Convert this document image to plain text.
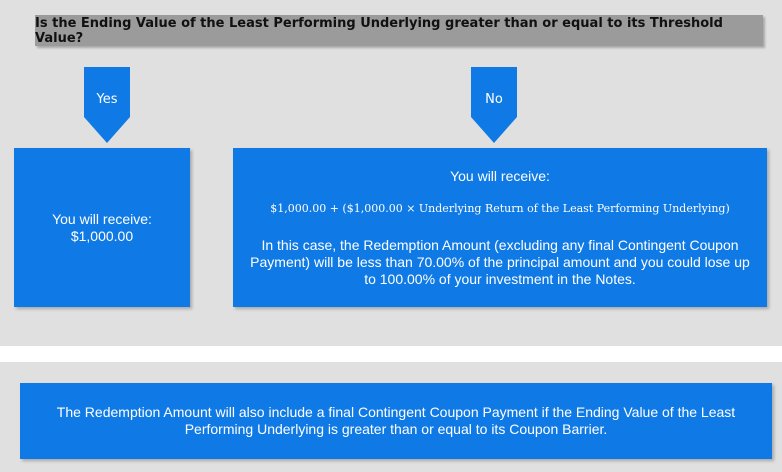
Is the Ending Value of the Least Performing Underlying greater than or equal to its Threshold Value?
Yes	No
You will receive:
$1,000.00
You will receive:
$1,000.00 + ($1,000.00 × Underlying Return of the Least Performing Underlying)
In this case, the Redemption Amount (excluding any final Contingent Coupon Payment) will be less than 70.00% of the principal amount and you could lose up to 100.00% of your investment in the Notes.
The Redemption Amount will also include a final Contingent Coupon Payment if the Ending Value of the Least Performing Underlying is greater than or equal to its Coupon Barrier.
